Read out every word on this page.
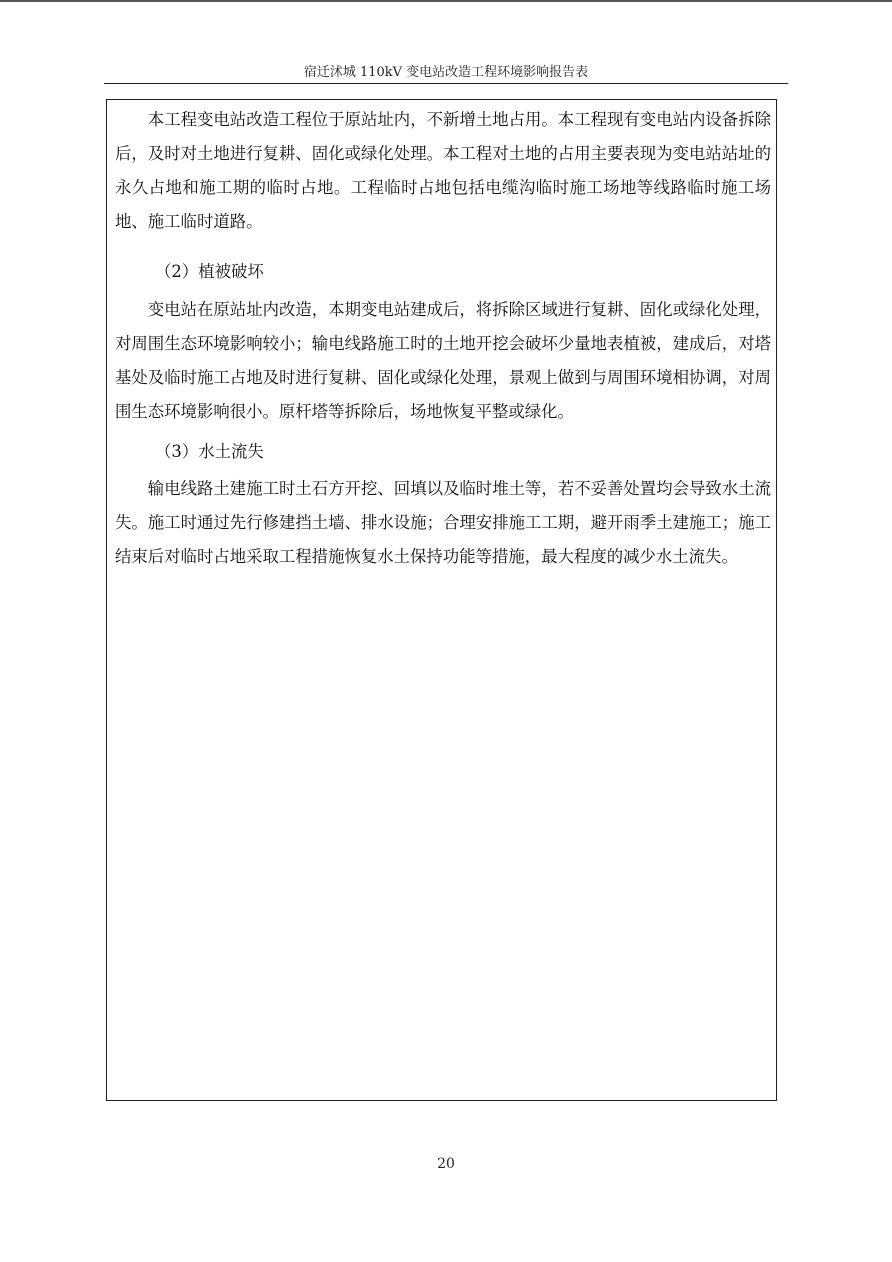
宿迁沭城 110kV 变电站改造工程环境影响报告表

本工程变电站改造工程位于原站址内，不新增土地占用。本工程现有变电站内设备拆除后，及时对土地进行复耕、固化或绿化处理。本工程对土地的占用主要表现为变电站站址的永久占地和施工期的临时占地。工程临时占地包括电缆沟临时施工场地等线路临时施工场地、施工临时道路。

（2）植被破坏

变电站在原站址内改造，本期变电站建成后，将拆除区域进行复耕、固化或绿化处理，对周围生态环境影响较小；输电线路施工时的土地开挖会破坏少量地表植被，建成后，对塔基处及临时施工占地及时进行复耕、固化或绿化处理，景观上做到与周围环境相协调，对周围生态环境影响很小。原杆塔等拆除后，场地恢复平整或绿化。

（3）水土流失

输电线路土建施工时土石方开挖、回填以及临时堆土等，若不妥善处置均会导致水土流失。施工时通过先行修建挡土墙、排水设施；合理安排施工工期，避开雨季土建施工；施工结束后对临时占地采取工程措施恢复水土保持功能等措施，最大程度的减少水土流失。

20
